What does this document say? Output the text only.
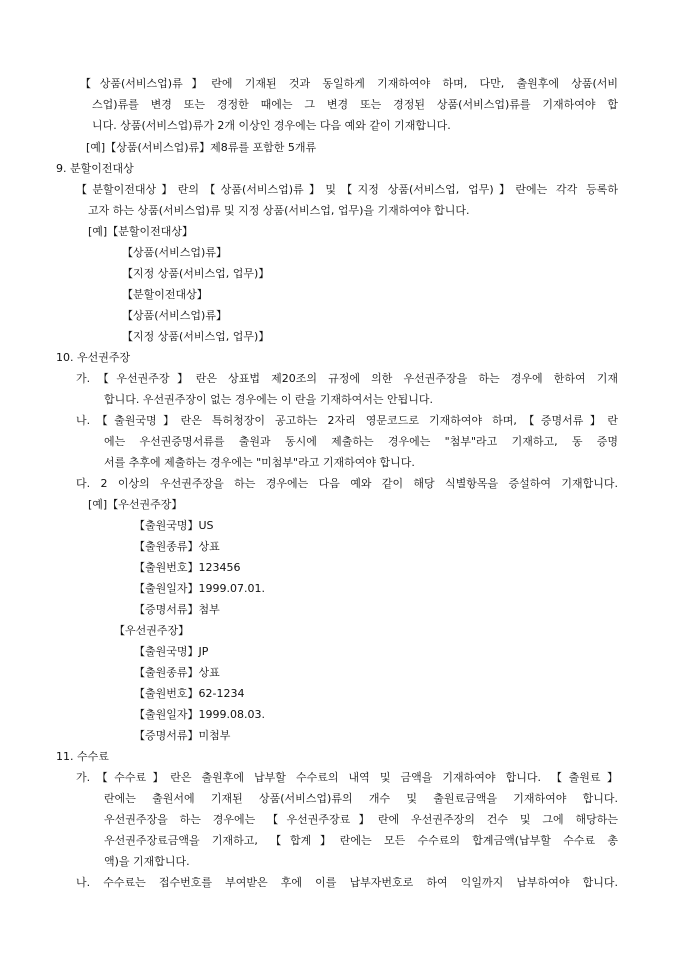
【상품(서비스업)류】란에 기재된 것과 동일하게 기재하여야 하며, 다만, 출원후에 상품(서비
스업)류를 변경 또는 경정한 때에는 그 변경 또는 경정된 상품(서비스업)류를 기재하여야 합
니다. 상품(서비스업)류가 2개 이상인 경우에는 다음 예와 같이 기재합니다.
[예]【상품(서비스업)류】제8류를 포함한 5개류
9. 분할이전대상
【분할이전대상】란의【상품(서비스업)류】및【지정 상품(서비스업, 업무)】란에는 각각 등록하
고자 하는 상품(서비스업)류 및 지정 상품(서비스업, 업무)을 기재하여야 합니다.
[예]【분할이전대상】
【상품(서비스업)류】
【지정 상품(서비스업, 업무)】
【분할이전대상】
【상품(서비스업)류】
【지정 상품(서비스업, 업무)】
10. 우선권주장
가.【우선권주장】란은 상표법 제20조의 규정에 의한 우선권주장을 하는 경우에 한하여 기재
합니다. 우선권주장이 없는 경우에는 이 란을 기재하여서는 안됩니다.
나.【출원국명】란은 특허청장이 공고하는 2자리 영문코드로 기재하여야 하며,【증명서류】란
에는 우선권증명서류를 출원과 동시에 제출하는 경우에는 "첨부"라고 기재하고, 동 증명
서를 추후에 제출하는 경우에는 "미첨부"라고 기재하여야 합니다.
다. 2 이상의 우선권주장을 하는 경우에는 다음 예와 같이 해당 식별항목을 증설하여 기재합니다.
[예]【우선권주장】
【출원국명】US
【출원종류】상표
【출원번호】123456
【출원일자】1999.07.01.
【증명서류】첨부
【우선권주장】
【출원국명】JP
【출원종류】상표
【출원번호】62-1234
【출원일자】1999.08.03.
【증명서류】미첨부
11. 수수료
가.【수수료】란은 출원후에 납부할 수수료의 내역 및 금액을 기재하여야 합니다. 【출원료】
란에는 출원서에 기재된 상품(서비스업)류의 개수 및 출원료금액을 기재하여야 합니다.
우선권주장을 하는 경우에는 【우선권주장료】란에 우선권주장의 건수 및 그에 해당하는
우선권주장료금액을 기재하고, 【합계】란에는 모든 수수료의 합계금액(납부할 수수료 총
액)을 기재합니다.
나. 수수료는 접수번호를 부여받은 후에 이를 납부자번호로 하여 익일까지 납부하여야 합니다.
